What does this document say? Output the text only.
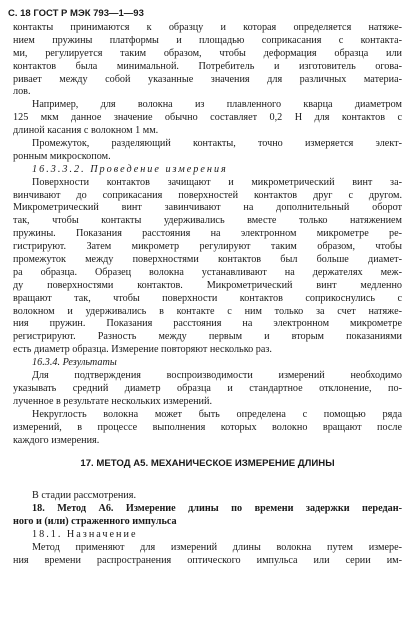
С. 18 ГОСТ Р МЭК 793—1—93
контакты принимаются к образцу и которая определяется натяже-
нием пружины платформы и площадью соприкасания с контакта-
ми, регулируется таким образом, чтобы деформация образца или
контактов была минимальной. Потребитель и изготовитель огова-
ривает между собой указанные значения для различных материа-
лов.
Например, для волокна из плавленного кварца диаметром
125 мкм данное значение обычно составляет 0,2 Н для контактов с
длиной касания с волокном 1 мм.
Промежуток, разделяющий контакты, точно измеряется элект-
ронным микроскопом.
16.3.3.2. Проведение измерения
Поверхности контактов зачищают и микрометрический винт за-
винчивают до соприкасания поверхностей контактов друг с другом.
Микрометрический винт завинчивают на дополнительный оборот
так, чтобы контакты удерживались вместе только натяжением
пружины. Показания расстояния на электронном микрометре ре-
гистрируют. Затем микрометр регулируют таким образом, чтобы
промежуток между поверхностями контактов был больше диамет-
ра образца. Образец волокна устанавливают на держателях меж-
ду поверхностями контактов. Микрометрический винт медленно
вращают так, чтобы поверхности контактов соприкоснулись с
волокном и удерживались в контакте с ним только за счет натяже-
ния пружин. Показания расстояния на электронном микрометре
регистрируют. Разность между первым и вторым показаниями
есть диаметр образца. Измерение повторяют несколько раз.
16.3.4. Результаты
Для подтверждения воспроизводимости измерений необходимо
указывать средний диаметр образца и стандартное отклонение, по-
лученное в результате нескольких измерений.
Некруглость волокна может быть определена с помощью ряда
измерений, в процессе выполнения которых волокно вращают после
каждого измерения.
17. МЕТОД А5. МЕХАНИЧЕСКОЕ ИЗМЕРЕНИЕ ДЛИНЫ
В стадии рассмотрения.
18. Метод А6. Измерение длины по времени задержки передан-
ного и (или) страженного импульса
18.1. Назначение
Метод применяют для измерений длины волокна путем измере-
ния времени распространения оптического импульса или серии им-
